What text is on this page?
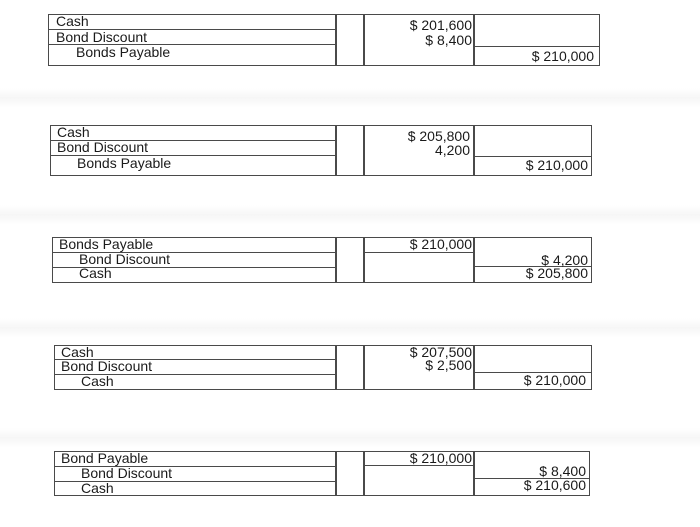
Cash
Bond Discount
Bonds Payable
$ 201,600
$ 8,400
$ 210,000
Cash
Bond Discount
Bonds Payable
$ 205,800
4,200
$ 210,000
Bonds Payable
Bond Discount
Cash
$ 210,000
$ 4,200
$ 205,800
Cash
Bond Discount
Cash
$ 207,500
$ 2,500
$ 210,000
Bond Payable
Bond Discount
Cash
$ 210,000
$ 8,400
$ 210,600
